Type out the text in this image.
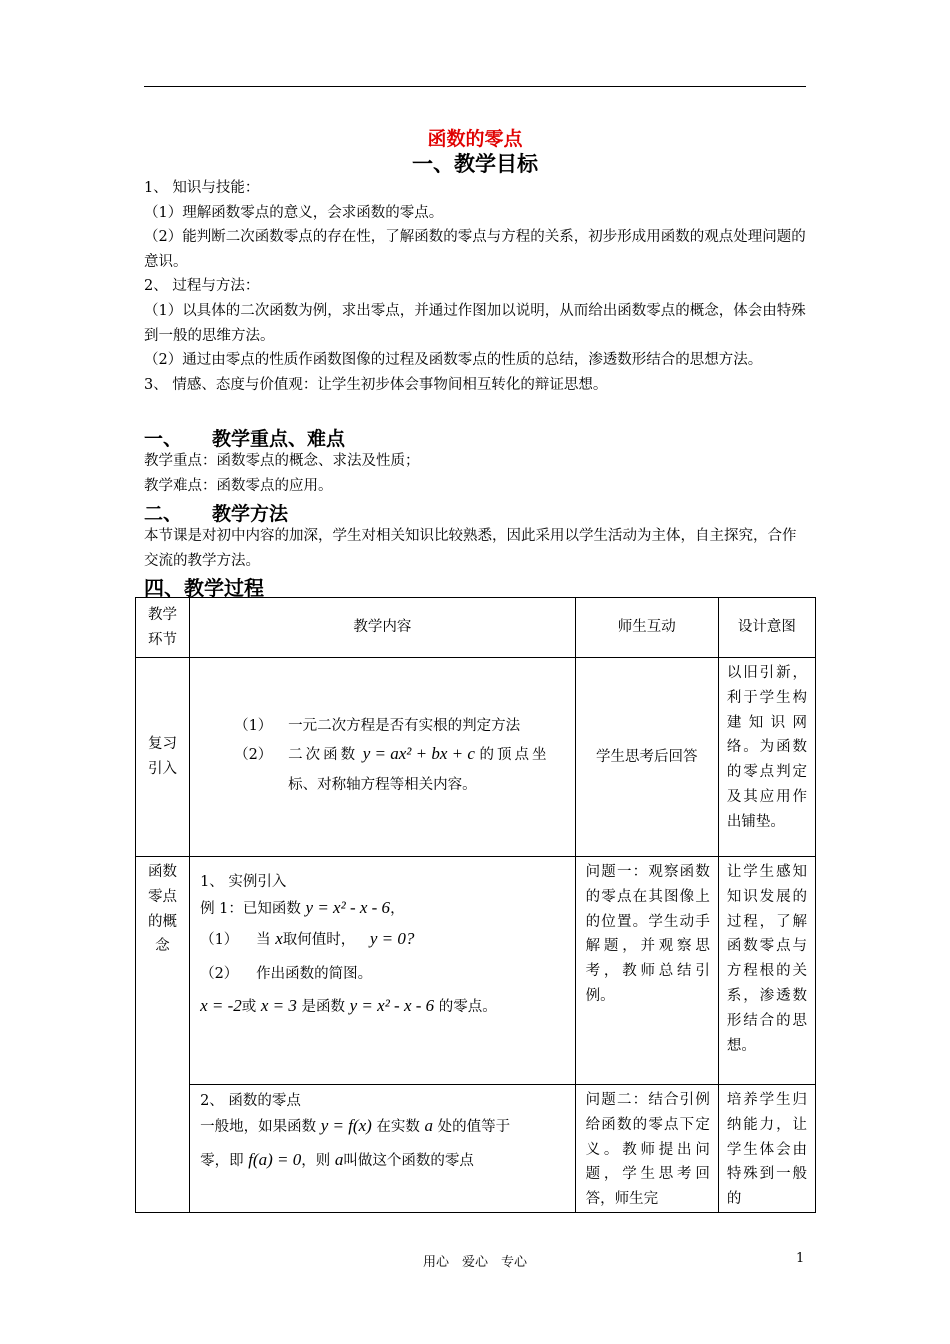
函数的零点
一、教学目标
1、 知识与技能：
（1）理解函数零点的意义，会求函数的零点。
（2）能判断二次函数零点的存在性，了解函数的零点与方程的关系，初步形成用函数的观点处理问题的意识。
2、 过程与方法：
（1）以具体的二次函数为例，求出零点，并通过作图加以说明，从而给出函数零点的概念，体会由特殊到一般的思维方法。
（2）通过由零点的性质作函数图像的过程及函数零点的性质的总结，渗透数形结合的思想方法。
3、 情感、态度与价值观：让学生初步体会事物间相互转化的辩证思想。
一、 教学重点、难点
教学重点：函数零点的概念、求法及性质；
教学难点：函数零点的应用。
二、 教学方法
本节课是对初中内容的加深，学生对相关知识比较熟悉，因此采用以学生活动为主体，自主探究，合作交流的教学方法。
四、教学过程
教学环节	教学内容	师生互动	设计意图
复习引入	（1） 一元二次方程是否有实根的判定方法
（2） 二次函数 y = ax² + bx + c 的顶点坐
标、对称轴方程等相关内容。	学生思考后回答	以旧引新，利于学生构建知识网络。为函数的零点判定及其应用作出铺垫。
函数零点的概念	1、 实例引入
例 1：已知函数 y = x² - x - 6，
（1） 当 x取何值时， y = 0?
（2） 作出函数的简图。
x = -2或 x = 3 是函数 y = x² - x - 6 的零点。	问题一：观察函数的零点在其图像上的位置。学生动手解题，并观察思考，教师总结引例。	让学生感知知识发展的过程，了解函数零点与方程根的关系，渗透数形结合的思想。

	2、 函数的零点
一般地，如果函数 y = f(x) 在实数 a 处的值等于
零，即 f(a) = 0，则 a叫做这个函数的零点	问题二：结合引例给函数的零点下定义。教师提出问题，学生思考回答，师生完	培养学生归纳能力，让学生体会由特殊到一般的
用心　爱心　专心	1
